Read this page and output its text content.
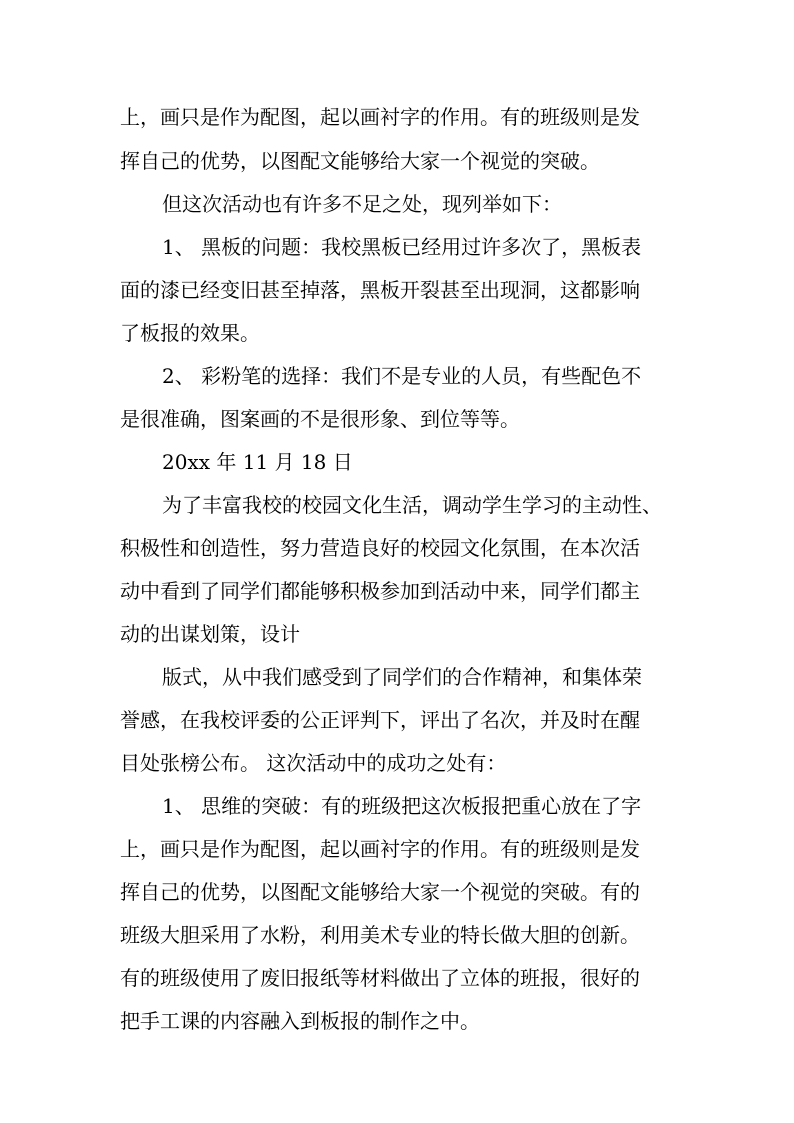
上，画只是作为配图，起以画衬字的作用。有的班级则是发
挥自己的优势，以图配文能够给大家一个视觉的突破。
但这次活动也有许多不足之处，现列举如下：
1、 黑板的问题：我校黑板已经用过许多次了，黑板表
面的漆已经变旧甚至掉落，黑板开裂甚至出现洞，这都影响
了板报的效果。
2、 彩粉笔的选择：我们不是专业的人员，有些配色不
是很准确，图案画的不是很形象、到位等等。
20xx 年 11 月 18 日
为了丰富我校的校园文化生活，调动学生学习的主动性、
积极性和创造性，努力营造良好的校园文化氛围，在本次活
动中看到了同学们都能够积极参加到活动中来，同学们都主
动的出谋划策，设计
版式，从中我们感受到了同学们的合作精神，和集体荣
誉感，在我校评委的公正评判下，评出了名次，并及时在醒
目处张榜公布。 这次活动中的成功之处有：
1、 思维的突破：有的班级把这次板报把重心放在了字
上，画只是作为配图，起以画衬字的作用。有的班级则是发
挥自己的优势，以图配文能够给大家一个视觉的突破。有的
班级大胆采用了水粉，利用美术专业的特长做大胆的创新。
有的班级使用了废旧报纸等材料做出了立体的班报，很好的
把手工课的内容融入到板报的制作之中。
